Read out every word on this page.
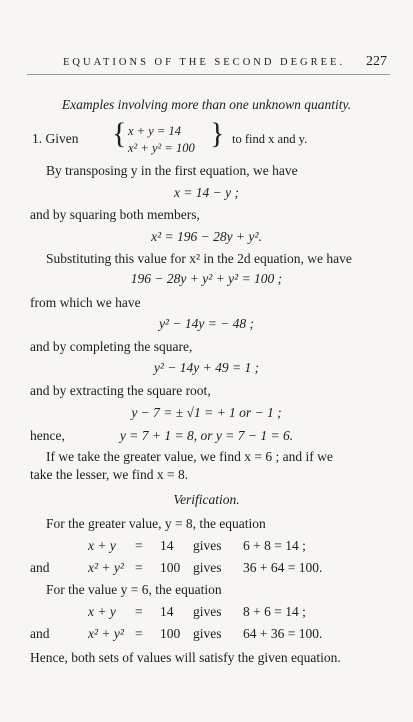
EQUATIONS OF THE SECOND DEGREE. 227
Examples involving more than one unknown quantity.
1. Given { x + y = 14
x² + y² = 100 } to find x and y.
By transposing y in the first equation, we have
x = 14 − y ;
and by squaring both members,
x² = 196 − 28y + y².
Substituting this value for x² in the 2d equation, we have
196 − 28y + y² + y² = 100 ;
from which we have
y² − 14y = − 48 ;
and by completing the square,
y² − 14y + 49 = 1 ;
and by extracting the square root,
y − 7 = ± √1 = + 1 or − 1 ;
hence,	y = 7 + 1 = 8, or y = 7 − 1 = 6.
If we take the greater value, we find x = 6 ; and if we
take the lesser, we find x = 8.
Verification.
For the greater value, y = 8, the equation
x + y = 14 gives 6 + 8 = 14 ;
and	x² + y² = 100 gives 36 + 64 = 100.
For the value y = 6, the equation
x + y = 14 gives 8 + 6 = 14 ;
and	x² + y² = 100 gives 64 + 36 = 100.
Hence, both sets of values will satisfy the given equation.
